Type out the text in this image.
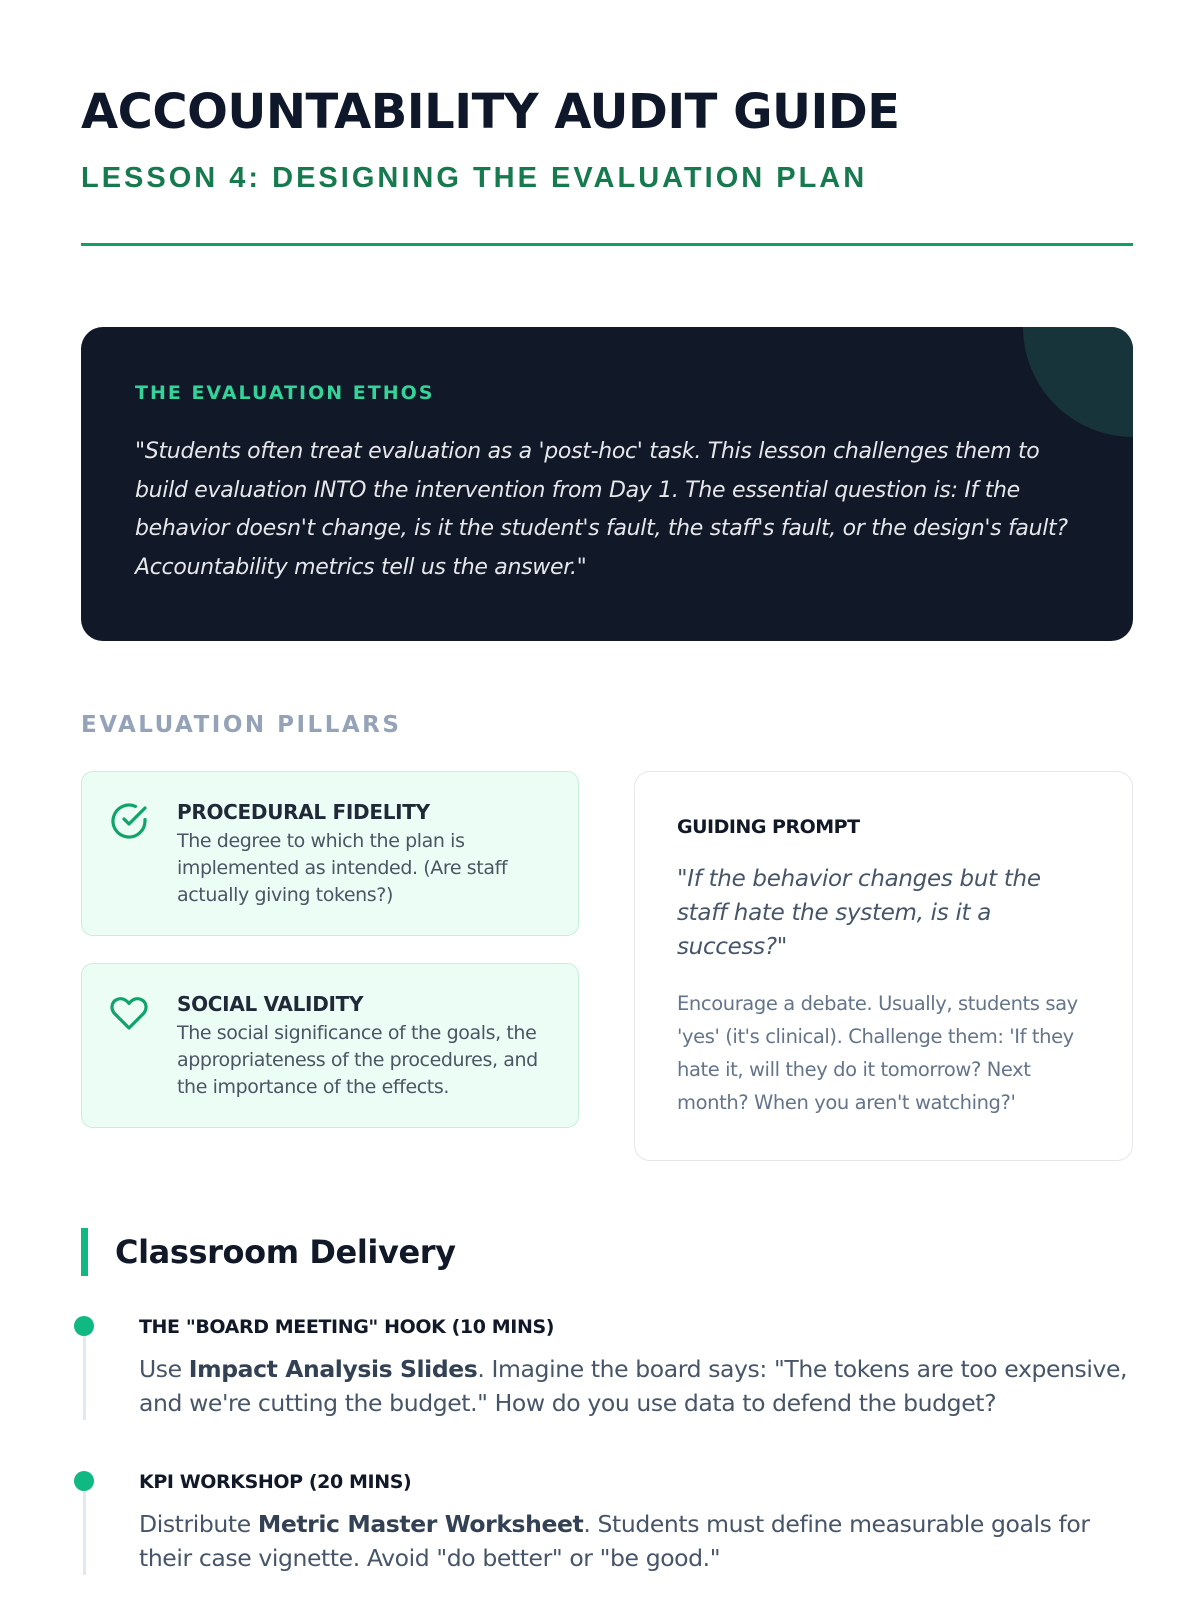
ACCOUNTABILITY AUDIT GUIDE
LESSON 4: DESIGNING THE EVALUATION PLAN
THE EVALUATION ETHOS

"Students often treat evaluation as a 'post-hoc' task. This lesson challenges them to build evaluation INTO the intervention from Day 1. The essential question is: If the behavior doesn't change, is it the student's fault, the staff's fault, or the design's fault? Accountability metrics tell us the answer."

EVALUATION PILLARS
PROCEDURAL FIDELITY
The degree to which the plan is implemented as intended. (Are staff actually giving tokens?)
SOCIAL VALIDITY
The social significance of the goals, the appropriateness of the procedures, and the importance of the effects.
GUIDING PROMPT

"If the behavior changes but the staff hate the system, is it a success?"

Encourage a debate. Usually, students say 'yes' (it's clinical). Challenge them: 'If they hate it, will they do it tomorrow? Next month? When you aren't watching?'

Classroom Delivery
THE "BOARD MEETING" HOOK (10 MINS)

Use Impact Analysis Slides. Imagine the board says: "The tokens are too expensive, and we're cutting the budget." How do you use data to defend the budget?

KPI WORKSHOP (20 MINS)

Distribute Metric Master Worksheet. Students must define measurable goals for their case vignette. Avoid "do better" or "be good."
